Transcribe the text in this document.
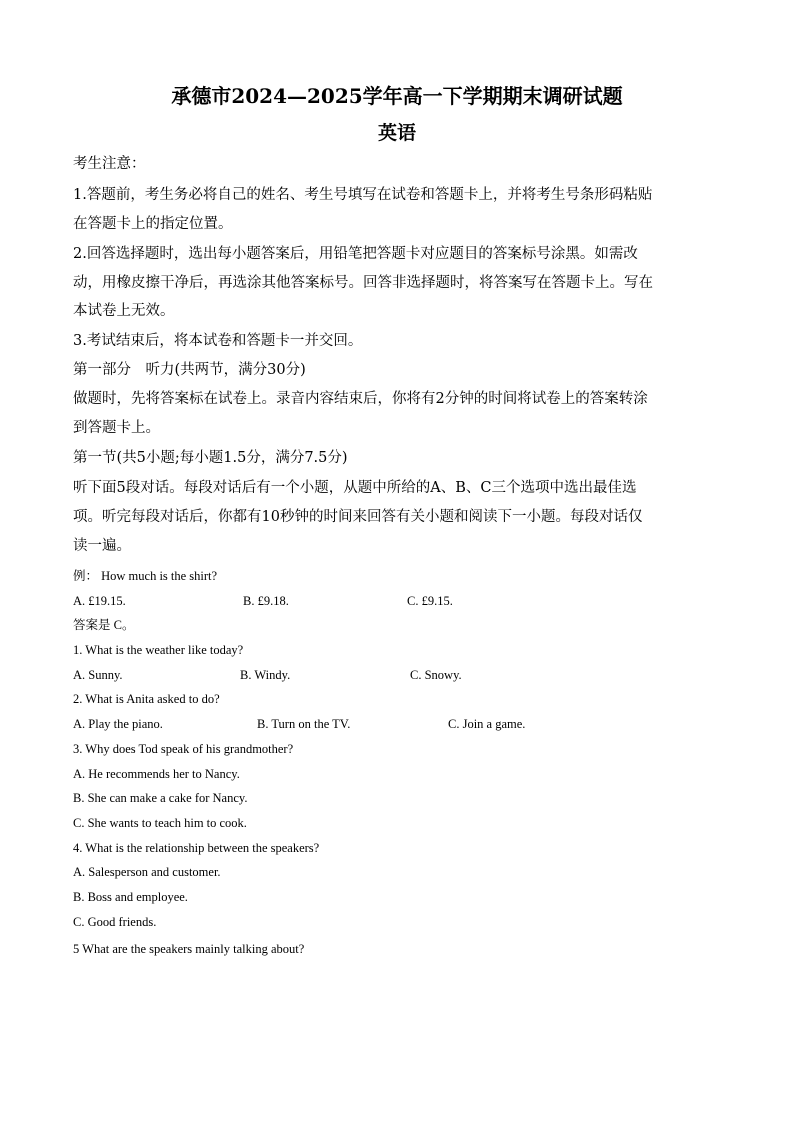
承德市2024—2025学年高一下学期期末调研试题
英语
考生注意：
1.答题前，考生务必将自己的姓名、考生号填写在试卷和答题卡上，并将考生号条形码粘贴
在答题卡上的指定位置。
2.回答选择题时，选出每小题答案后，用铅笔把答题卡对应题目的答案标号涂黑。如需改
动，用橡皮擦干净后，再选涂其他答案标号。回答非选择题时，将答案写在答题卡上。写在
本试卷上无效。
3.考试结束后，将本试卷和答题卡一并交回。
第一部分　听力(共两节，满分30分)
做题时，先将答案标在试卷上。录音内容结束后，你将有2分钟的时间将试卷上的答案转涂
到答题卡上。
第一节(共5小题;每小题1.5分，满分7.5分)
听下面5段对话。每段对话后有一个小题，从题中所给的A、B、C三个选项中选出最佳选
项。听完每段对话后，你都有10秒钟的时间来回答有关小题和阅读下一小题。每段对话仅
读一遍。
例： How much is the shirt?
A. £19.15.	B. £9.18.	C. £9.15.
答案是 C。
1. What is the weather like today?
A. Sunny.	B. Windy.	C. Snowy.
2. What is Anita asked to do?
A. Play the piano.	B. Turn on the TV.	C. Join a game.
3. Why does Tod speak of his grandmother?
A. He recommends her to Nancy.
B. She can make a cake for Nancy.
C. She wants to teach him to cook.
4. What is the relationship between the speakers?
A. Salesperson and customer.
B. Boss and employee.
C. Good friends.
5 What are the speakers mainly talking about?
